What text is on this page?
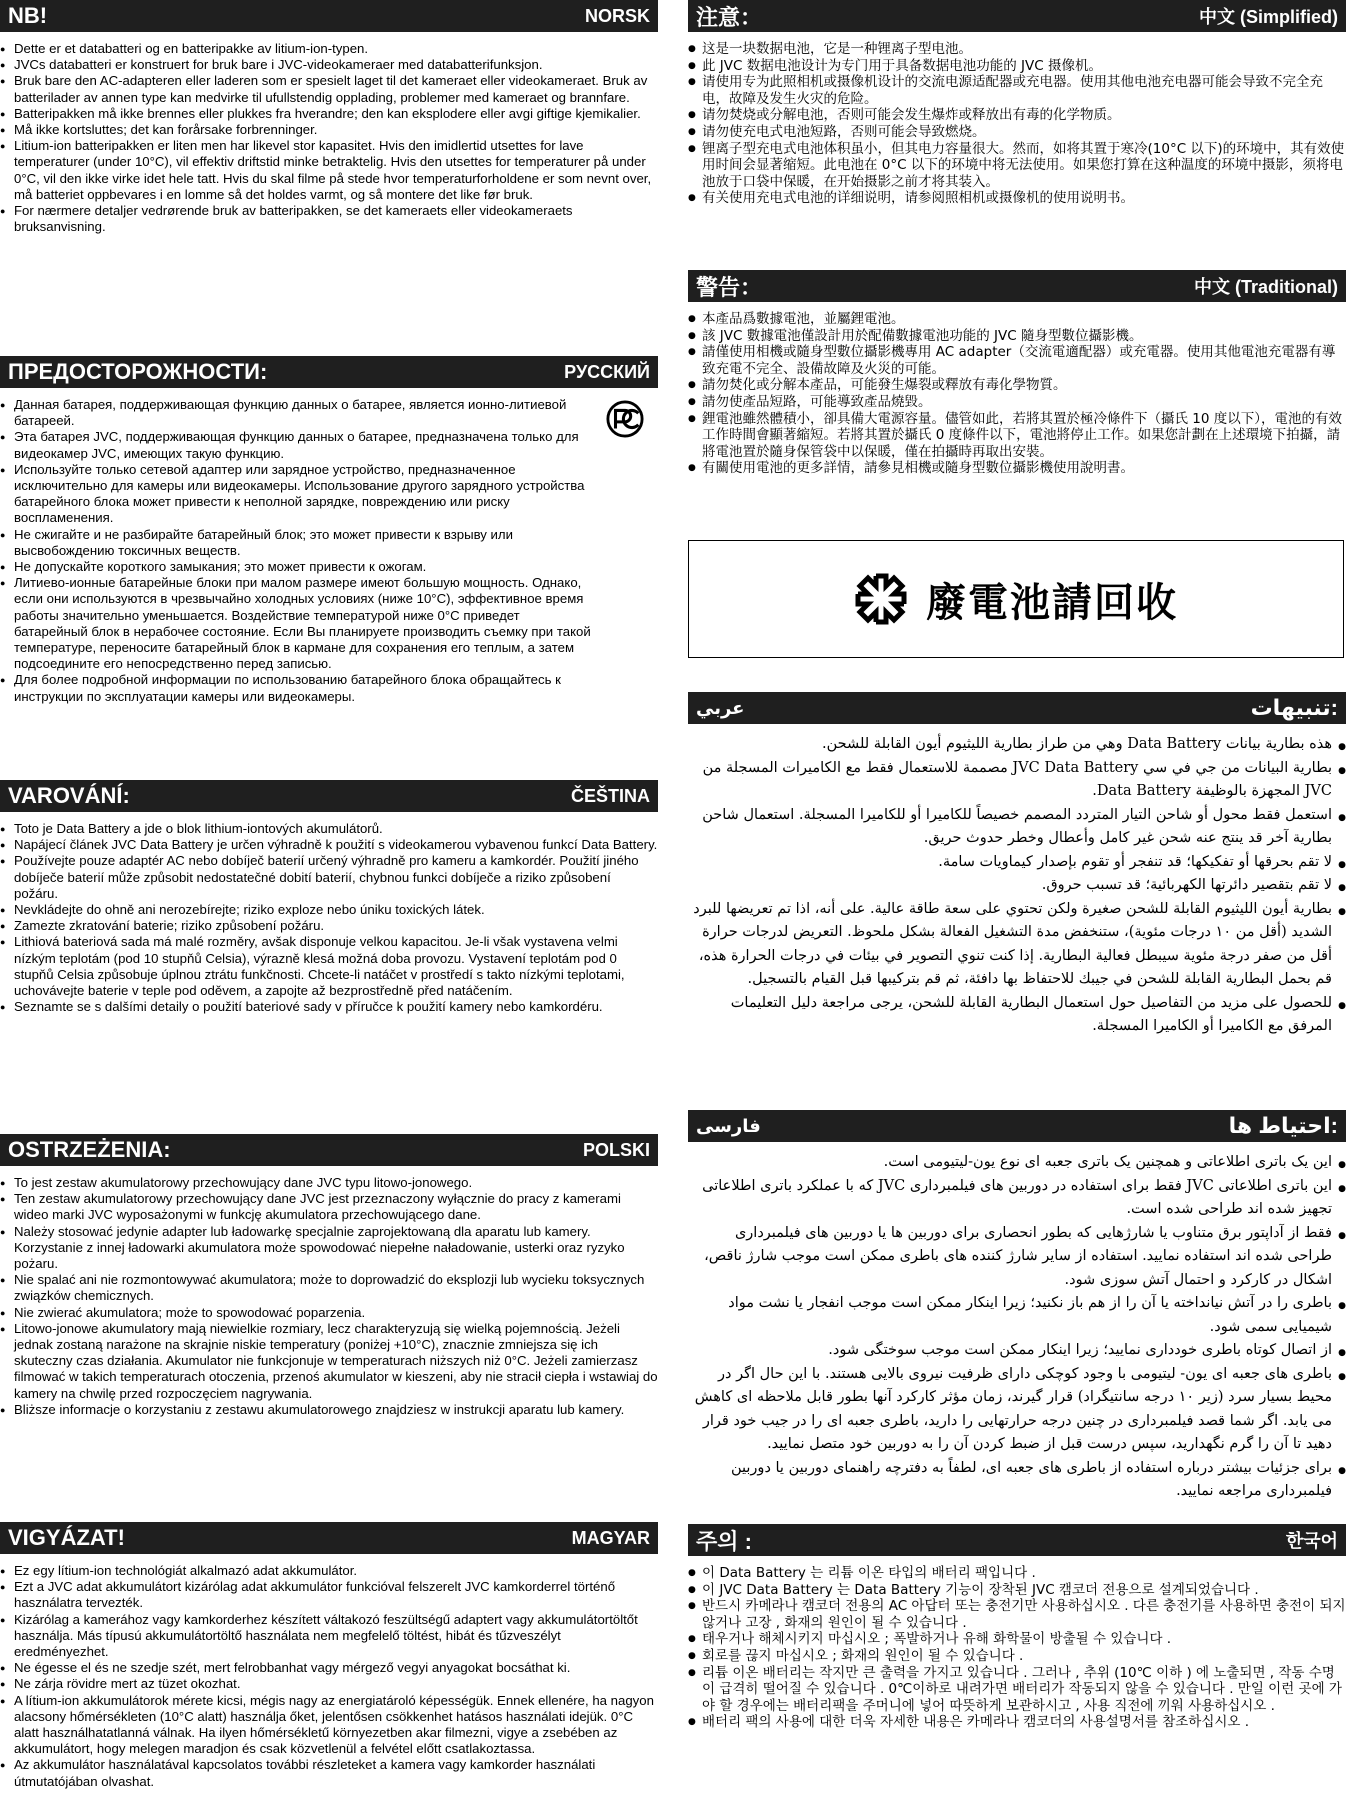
NB!	NORSK
● Dette er et databatteri og en batteripakke av litium-ion-typen.
● JVCs databatteri er konstruert for bruk bare i JVC-videokameraer med databatterifunksjon.
● Bruk bare den AC-adapteren eller laderen som er spesielt laget til det kameraet eller videokameraet. Bruk av batterilader av annen type kan medvirke til ufullstendig opplading, problemer med kameraet og brannfare.
● Batteripakken må ikke brennes eller plukkes fra hverandre; den kan eksplodere eller avgi giftige kjemikalier.
● Må ikke kortsluttes; det kan forårsake forbrenninger.
● Litium-ion batteripakken er liten men har likevel stor kapasitet. Hvis den imidlertid utsettes for lave temperaturer (under 10°C), vil effektiv driftstid minke betraktelig. Hvis den utsettes for temperaturer på under 0°C, vil den ikke virke idet hele tatt. Hvis du skal filme på stede hvor temperaturforholdene er som nevnt over, må batteriet oppbevares i en lomme så det holdes varmt, og så montere det like før bruk.
● For nærmere detaljer vedrørende bruk av batteripakken, se det kameraets eller videokameraets bruksanvisning.
ПРЕДОСТОРОЖНОСТИ:	РУССКИЙ
● Данная батарея, поддерживающая функцию данных о батарее, является ионно-литиевой батареей.
● Эта батарея JVC, поддерживающая функцию данных о батарее, предназначена только для видеокамер JVC, имеющих такую функцию.
● Используйте только сетевой адаптер или зарядное устройство, предназначенное исключительно для камеры или видеокамеры. Использование другого зарядного устройства батарейного блока может привести к неполной зарядке, повреждению или риску воспламенения.
● Не сжигайте и не разбирайте батарейный блок; это может привести к взрыву или высвобождению токсичных веществ.
● Не допускайте короткого замыкания; это может привести к ожогам.
● Литиево-ионные батарейные блоки при малом размере имеют большую мощность. Однако, если они используются в чрезвычайно холодных условиях (ниже 10°C), эффективное время работы значительно уменьшается. Воздействие температурой ниже 0°C приведет батарейный блок в нерабочее состояние. Если Вы планируете производить съемку при такой температуре, переносите батарейный блок в кармане для сохранения его теплым, а затем подсоедините его непосредственно перед записью.
● Для более подробной информации по использованию батарейного блока обращайтесь к инструкции по эксплуатации камеры или видеокамеры.
VAROVÁNÍ:	ČEŠTINA
● Toto je Data Battery a jde o blok lithium-iontových akumulátorů.
● Napájecí článek JVC Data Battery je určen výhradně k použití s videokamerou vybavenou funkcí Data Battery.
● Používejte pouze adaptér AC nebo dobíječ baterií určený výhradně pro kameru a kamkordér. Použití jiného dobíječe baterií může způsobit nedostatečné dobití baterií, chybnou funkci dobíječe a riziko způsobení požáru.
● Nevkládejte do ohně ani nerozebírejte; riziko exploze nebo úniku toxických látek.
● Zamezte zkratování baterie; riziko způsobení požáru.
● Lithiová bateriová sada má malé rozměry, avšak disponuje velkou kapacitou. Je-li však vystavena velmi nízkým teplotám (pod 10 stupňů Celsia), výrazně klesá možná doba provozu. Vystavení teplotám pod 0 stupňů Celsia způsobuje úplnou ztrátu funkčnosti. Chcete-li natáčet v prostředí s takto nízkými teplotami, uchovávejte baterie v teple pod oděvem, a zapojte až bezprostředně před natáčením.
● Seznamte se s dalšími detaily o použití bateriové sady v příručce k použití kamery nebo kamkordéru.
OSTRZEŻENIA:	POLSKI
● To jest zestaw akumulatorowy przechowujący dane JVC typu litowo-jonowego.
● Ten zestaw akumulatorowy przechowujący dane JVC jest przeznaczony wyłącznie do pracy z kamerami wideo marki JVC wyposażonymi w funkcję akumulatora przechowującego dane.
● Należy stosować jedynie adapter lub ładowarkę specjalnie zaprojektowaną dla aparatu lub kamery. Korzystanie z innej ładowarki akumulatora może spowodować niepełne naładowanie, usterki oraz ryzyko pożaru.
● Nie spalać ani nie rozmontowywać akumulatora; może to doprowadzić do eksplozji lub wycieku toksycznych związków chemicznych.
● Nie zwierać akumulatora; może to spowodować poparzenia.
● Litowo-jonowe akumulatory mają niewielkie rozmiary, lecz charakteryzują się wielką pojemnością. Jeżeli jednak zostaną narażone na skrajnie niskie temperatury (poniżej +10°C), znacznie zmniejsza się ich skuteczny czas działania. Akumulator nie funkcjonuje w temperaturach niższych niż 0°C. Jeżeli zamierzasz filmować w takich temperaturach otoczenia, przenoś akumulator w kieszeni, aby nie stracił ciepła i wstawiaj do kamery na chwilę przed rozpoczęciem nagrywania.
● Bliższe informacje o korzystaniu z zestawu akumulatorowego znajdziesz w instrukcji aparatu lub kamery.
VIGYÁZAT!	MAGYAR
● Ez egy lítium-ion technológiát alkalmazó adat akkumulátor.
● Ezt a JVC adat akkumulátort kizárólag adat akkumulátor funkcióval felszerelt JVC kamkorderrel történő használatra tervezték.
● Kizárólag a kamerához vagy kamkorderhez készített váltakozó feszültségű adaptert vagy akkumulátortöltőt használja. Más típusú akkumulátortöltő használata nem megfelelő töltést, hibát és tűzveszélyt eredményezhet.
● Ne égesse el és ne szedje szét, mert felrobbanhat vagy mérgező vegyi anyagokat bocsáthat ki.
● Ne zárja rövidre mert az tüzet okozhat.
● A lítium-ion akkumulátorok mérete kicsi, mégis nagy az energiatároló képességük. Ennek ellenére, ha nagyon alacsony hőmérsékleten (10°C alatt) használja őket, jelentősen csökkenhet hatásos használati idejük. 0°C alatt használhatatlanná válnak. Ha ilyen hőmérsékletű környezetben akar filmezni, vigye a zsebében az akkumulátort, hogy melegen maradjon és csak közvetlenül a felvétel előtt csatlakoztassa.
● Az akkumulátor használatával kapcsolatos további részleteket a kamera vagy kamkorder használati útmutatójában olvashat.
注意：	中文 (Simplified)
● 这是一块数据电池，它是一种锂离子型电池。
● 此 JVC 数据电池设计为专门用于具备数据电池功能的 JVC 摄像机。
● 请使用专为此照相机或摄像机设计的交流电源适配器或充电器。使用其他电池充电器可能会导致不完全充电，故障及发生火灾的危险。
● 请勿焚烧或分解电池，否则可能会发生爆炸或释放出有毒的化学物质。
● 请勿使充电式电池短路，否则可能会导致燃烧。
● 锂离子型充电式电池体积虽小，但其电力容量很大。然而，如将其置于寒冷(10°C 以下)的环境中，其有效使用时间会显著缩短。此电池在 0°C 以下的环境中将无法使用。如果您打算在这种温度的环境中摄影，须将电池放于口袋中保暖，在开始摄影之前才将其装入。
● 有关使用充电式电池的详细说明，请参阅照相机或摄像机的使用说明书。
警告：	中文 (Traditional)
● 本產品爲數據電池，並屬鋰電池。
● 該 JVC 數據電池僅設計用於配備數據電池功能的 JVC 隨身型數位攝影機。
● 請僅使用相機或隨身型數位攝影機專用 AC adapter（交流電適配器）或充電器。使用其他電池充電器有導致充電不完全、設備故障及火災的可能。
● 請勿焚化或分解本產品，可能發生爆裂或釋放有毒化學物質。
● 請勿使產品短路，可能導致產品燒毀。
● 鋰電池雖然體積小，卻具備大電源容量。儘管如此，若將其置於極冷條件下（攝氏 10 度以下），電池的有效工作時間會顯著縮短。若將其置於攝氏 0 度條件以下，電池將停止工作。如果您計劃在上述環境下拍攝，請將電池置於隨身保管袋中以保暖，僅在拍攝時再取出安裝。
● 有關使用電池的更多詳情，請參見相機或隨身型數位攝影機使用說明書。
廢電池請回收
عربي	تنبيهات:
● هذه بطارية بيانات Data Battery وهي من طراز بطارية الليثيوم أيون القابلة للشحن.
● بطارية البيانات من جي في سي JVC Data Battery مصممة للاستعمال فقط مع الكاميرات المسجلة من JVC المجهزة بالوظيفة Data Battery.
● استعمل فقط محول أو شاحن التيار المتردد المصمم خصيصاً للكاميرا أو للكاميرا المسجلة. استعمال شاحن بطارية آخر قد ينتج عنه شحن غير كامل وأعطال وخطر حدوث حريق.
● لا تقم بحرقها أو تفكيكها؛ قد تنفجر أو تقوم بإصدار كيماويات سامة.
● لا تقم بتقصير دائرتها الكهربائية؛ قد تسبب حروق.
● بطارية أيون الليثيوم القابلة للشحن صغيرة ولكن تحتوي على سعة طاقة عالية. على أنه، اذا تم تعريضها للبرد الشديد (أقل من ١٠ درجات مئوية)، ستنخفض مدة التشغيل الفعالة بشكل ملحوظ. التعريض لدرجات حرارة أقل من صفر درجة مئوية سيبطل فعالية البطارية. إذا كنت تنوي التصوير في بيئات في درجات الحرارة هذه، قم بحمل البطارية القابلة للشحن في جيبك للاحتفاظ بها دافئة، ثم قم بتركيبها قبل القيام بالتسجيل.
● للحصول على مزيد من التفاصيل حول استعمال البطارية القابلة للشحن، يرجى مراجعة دليل التعليمات المرفق مع الكاميرا أو الكاميرا المسجلة.
فارسی	احتياط ها:
● این یک باتری اطلاعاتی و همچنین یک باتری جعبه ای نوع یون-لیتیومی است.
● این باتری اطلاعاتی JVC فقط برای استفاده در دوربین های فیلمبرداری JVC که با عملکرد باتری اطلاعاتی تجهیز شده اند طراحی شده است.
● فقط از آداپتور برق متناوب یا شارژهایی که بطور انحصاری برای دوربین ها یا دوربین های فیلمبرداری طراحی شده اند استفاده نمایید. استفاده از سایر شارژ کننده های باطری ممکن است موجب شارژ ناقص، اشکال در کارکرد و احتمال آتش سوزی شود.
● باطری را در آتش نیانداخته یا آن را از هم باز نکنید؛ زیرا اینکار ممکن است موجب انفجار یا نشت مواد شیمیایی سمی شود.
● از اتصال کوتاه باطری خودداری نمایید؛ زیرا اینکار ممکن است موجب سوختگی شود.
● باطری های جعبه ای یون- لیتیومی با وجود کوچکی دارای ظرفیت نیروی بالایی هستند. با این حال اگر در محیط بسیار سرد (زیر ١٠ درجه سانتیگراد) قرار گیرند، زمان مؤثر کارکرد آنها بطور قابل ملاحظه ای کاهش می یابد. اگر شما قصد فیلمبرداری در چنین درجه حرارتهایی را دارید، باطری جعبه ای را در جیب خود قرار دهید تا آن را گرم نگهدارید، سپس درست قبل از ضبط کردن آن را به دوربین خود متصل نمایید.
● برای جزئیات بیشتر درباره استفاده از باطری های جعبه ای، لطفاً به دفترچه راهنمای دوربین یا دوربین فیلمبرداری مراجعه نمایید.
주의 :	한국어
● 이 Data Battery 는 리튬 이온 타입의 배터리 팩입니다 .
● 이 JVC Data Battery 는 Data Battery 기능이 장착된 JVC 캠코더 전용으로 설계되었습니다 .
● 반드시 카메라나 캠코더 전용의 AC 아답터 또는 충전기만 사용하십시오 . 다른 충전기를 사용하면 충전이 되지 않거나 고장 , 화재의 원인이 될 수 있습니다 .
● 태우거나 해체시키지 마십시오 ; 폭발하거나 유해 화학물이 방출될 수 있습니다 .
● 회로를 끊지 마십시오 ; 화재의 원인이 될 수 있습니다 .
● 리튬 이온 배터리는 작지만 큰 출력을 가지고 있습니다 . 그러나 , 추위 (10℃ 이하 ) 에 노출되면 , 작동 수명이 급격히 떨어질 수 있습니다 . 0℃이하로 내려가면 배터리가 작동되지 않을 수 있습니다 . 만일 이런 곳에 가야 할 경우에는 배터리팩을 주머니에 넣어 따뜻하게 보관하시고 , 사용 직전에 끼워 사용하십시오 .
● 배터리 팩의 사용에 대한 더욱 자세한 내용은 카메라나 캠코더의 사용설명서를 참조하십시오 .
